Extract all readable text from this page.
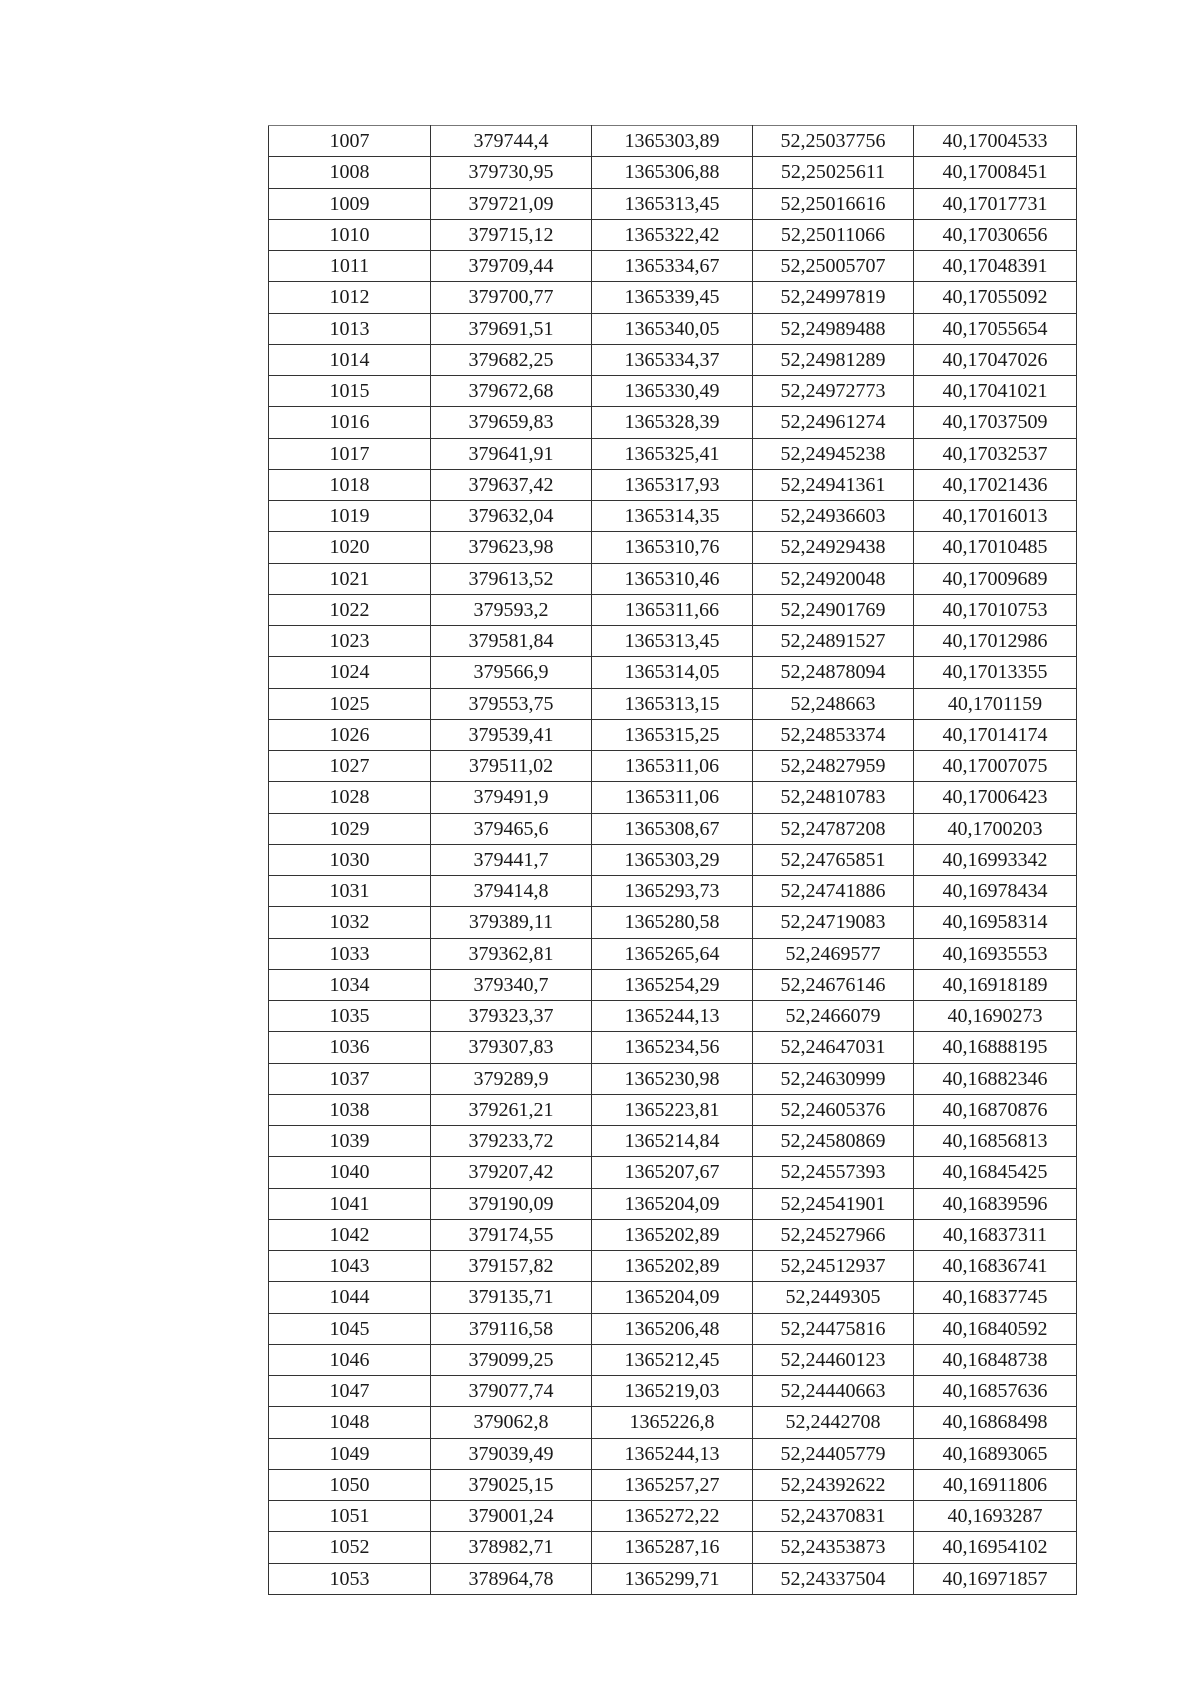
1007	379744,4	1365303,89	52,25037756	40,17004533
1008	379730,95	1365306,88	52,25025611	40,17008451
1009	379721,09	1365313,45	52,25016616	40,17017731
1010	379715,12	1365322,42	52,25011066	40,17030656
1011	379709,44	1365334,67	52,25005707	40,17048391
1012	379700,77	1365339,45	52,24997819	40,17055092
1013	379691,51	1365340,05	52,24989488	40,17055654
1014	379682,25	1365334,37	52,24981289	40,17047026
1015	379672,68	1365330,49	52,24972773	40,17041021
1016	379659,83	1365328,39	52,24961274	40,17037509
1017	379641,91	1365325,41	52,24945238	40,17032537
1018	379637,42	1365317,93	52,24941361	40,17021436
1019	379632,04	1365314,35	52,24936603	40,17016013
1020	379623,98	1365310,76	52,24929438	40,17010485
1021	379613,52	1365310,46	52,24920048	40,17009689
1022	379593,2	1365311,66	52,24901769	40,17010753
1023	379581,84	1365313,45	52,24891527	40,17012986
1024	379566,9	1365314,05	52,24878094	40,17013355
1025	379553,75	1365313,15	52,248663	40,1701159
1026	379539,41	1365315,25	52,24853374	40,17014174
1027	379511,02	1365311,06	52,24827959	40,17007075
1028	379491,9	1365311,06	52,24810783	40,17006423
1029	379465,6	1365308,67	52,24787208	40,1700203
1030	379441,7	1365303,29	52,24765851	40,16993342
1031	379414,8	1365293,73	52,24741886	40,16978434
1032	379389,11	1365280,58	52,24719083	40,16958314
1033	379362,81	1365265,64	52,2469577	40,16935553
1034	379340,7	1365254,29	52,24676146	40,16918189
1035	379323,37	1365244,13	52,2466079	40,1690273
1036	379307,83	1365234,56	52,24647031	40,16888195
1037	379289,9	1365230,98	52,24630999	40,16882346
1038	379261,21	1365223,81	52,24605376	40,16870876
1039	379233,72	1365214,84	52,24580869	40,16856813
1040	379207,42	1365207,67	52,24557393	40,16845425
1041	379190,09	1365204,09	52,24541901	40,16839596
1042	379174,55	1365202,89	52,24527966	40,16837311
1043	379157,82	1365202,89	52,24512937	40,16836741
1044	379135,71	1365204,09	52,2449305	40,16837745
1045	379116,58	1365206,48	52,24475816	40,16840592
1046	379099,25	1365212,45	52,24460123	40,16848738
1047	379077,74	1365219,03	52,24440663	40,16857636
1048	379062,8	1365226,8	52,2442708	40,16868498
1049	379039,49	1365244,13	52,24405779	40,16893065
1050	379025,15	1365257,27	52,24392622	40,16911806
1051	379001,24	1365272,22	52,24370831	40,1693287
1052	378982,71	1365287,16	52,24353873	40,16954102
1053	378964,78	1365299,71	52,24337504	40,16971857
